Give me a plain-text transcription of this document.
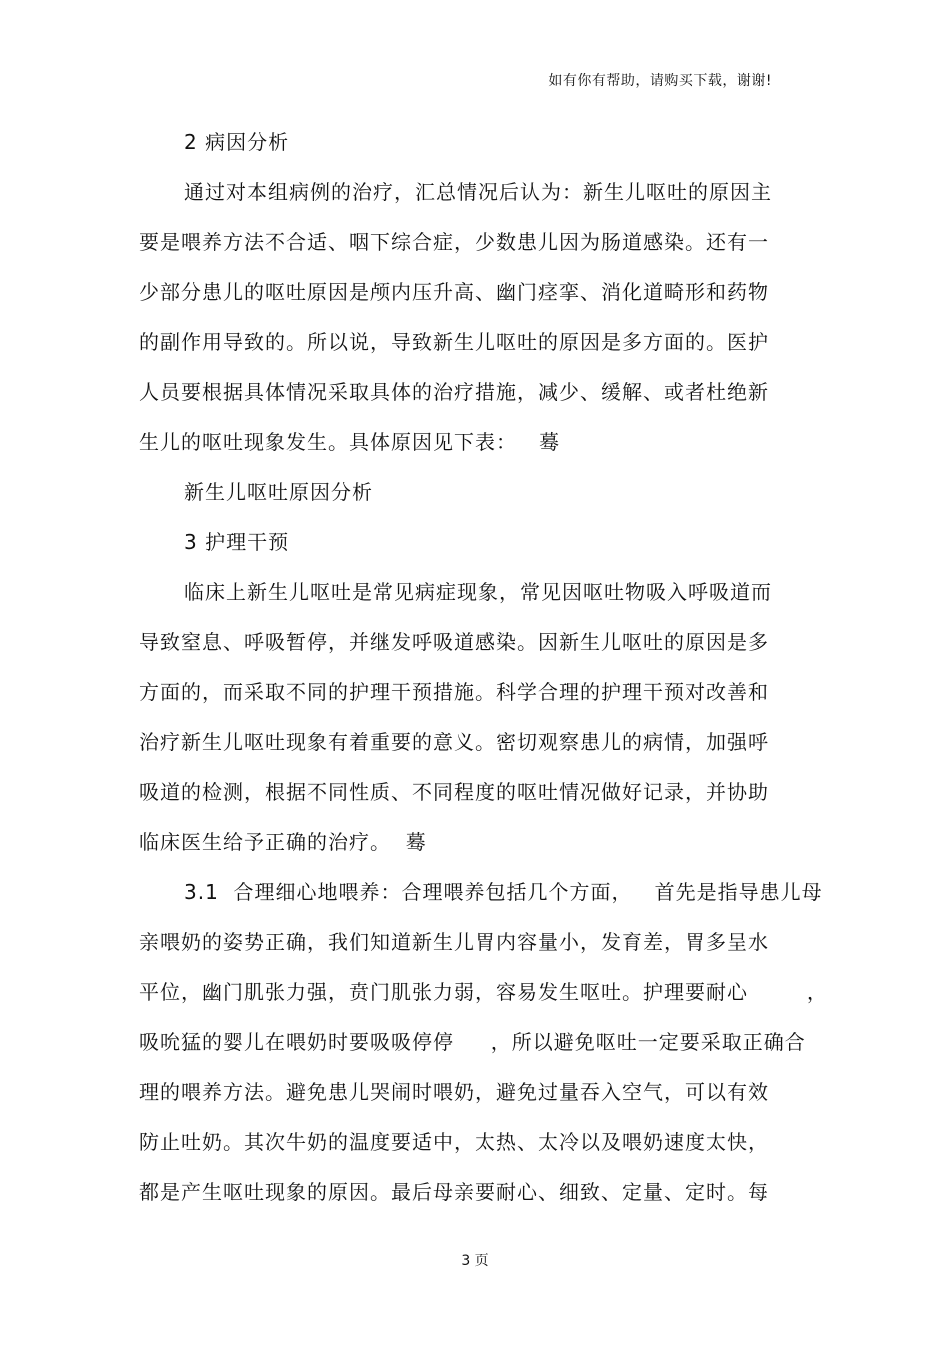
如有你有帮助，请购买下载，谢谢!
2 病因分析
通过对本组病例的治疗，汇总情况后认为：新生儿呕吐的原因主
要是喂养方法不合适、咽下综合症，少数患儿因为肠道感染。还有一
少部分患儿的呕吐原因是颅内压升高、幽门痉挛、消化道畸形和药物
的副作用导致的。所以说，导致新生儿呕吐的原因是多方面的。医护
人员要根据具体情况采取具体的治疗措施，减少、缓解、或者杜绝新
生儿的呕吐现象发生。具体原因见下表：   蓦
新生儿呕吐原因分析
3 护理干预
临床上新生儿呕吐是常见病症现象，常见因呕吐物吸入呼吸道而
导致窒息、呼吸暂停，并继发呼吸道感染。因新生儿呕吐的原因是多
方面的，而采取不同的护理干预措施。科学合理的护理干预对改善和
治疗新生儿呕吐现象有着重要的意义。密切观察患儿的病情，加强呼
吸道的检测，根据不同性质、不同程度的呕吐情况做好记录，并协助
临床医生给予正确的治疗。  蓦
3.1  合理细心地喂养：合理喂养包括几个方面，   首先是指导患儿母
亲喂奶的姿势正确，我们知道新生儿胃内容量小，发育差，胃多呈水
平位，幽门肌张力强，贲门肌张力弱，容易发生呕吐。护理要耐心        ，
吸吮猛的婴儿在喂奶时要吸吸停停     ，所以避免呕吐一定要采取正确合
理的喂养方法。避免患儿哭闹时喂奶，避免过量吞入空气，可以有效
防止吐奶。其次牛奶的温度要适中，太热、太冷以及喂奶速度太快，
都是产生呕吐现象的原因。最后母亲要耐心、细致、定量、定时。每
3 页
